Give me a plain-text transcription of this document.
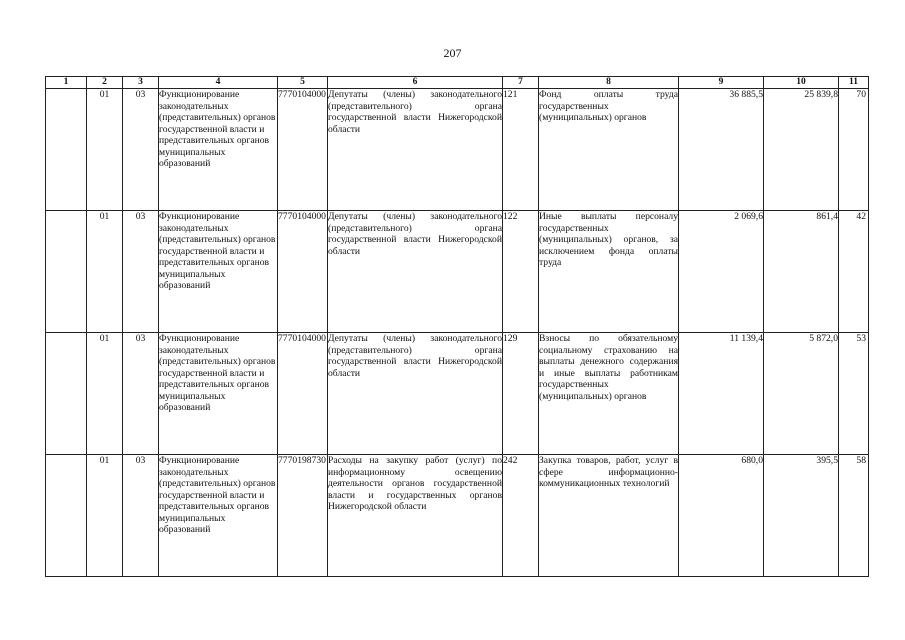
207
1	2	3	4	5	6	7	8	9	10	11
	01	03	Функционирование законодательных (представительных) органов государственной власти и представительных органов муниципальных образований	7770104000	Депутаты (члены) законодательного (представительного) органа государственной власти Нижегородской области	121	Фонд оплаты труда государственных (муниципальных) органов	36 885,5	25 839,8	70
	01	03	Функционирование законодательных (представительных) органов государственной власти и представительных органов муниципальных образований	7770104000	Депутаты (члены) законодательного (представительного) органа государственной власти Нижегородской области	122	Иные выплаты персоналу государственных (муниципальных) органов, за исключением фонда оплаты труда	2 069,6	861,4	42
	01	03	Функционирование законодательных (представительных) органов государственной власти и представительных органов муниципальных образований	7770104000	Депутаты (члены) законодательного (представительного) органа государственной власти Нижегородской области	129	Взносы по обязательному социальному страхованию на выплаты денежного содержания и иные выплаты работникам государственных (муниципальных) органов	11 139,4	5 872,0	53
	01	03	Функционирование законодательных (представительных) органов государственной власти и представительных органов муниципальных образований	7770198730	Расходы на закупку работ (услуг) по информационному освещению деятельности органов государственной власти и государственных органов Нижегородской области	242	Закупка товаров, работ, услуг в сфере информационно-коммуникационных технологий	680,0	395,5	58
